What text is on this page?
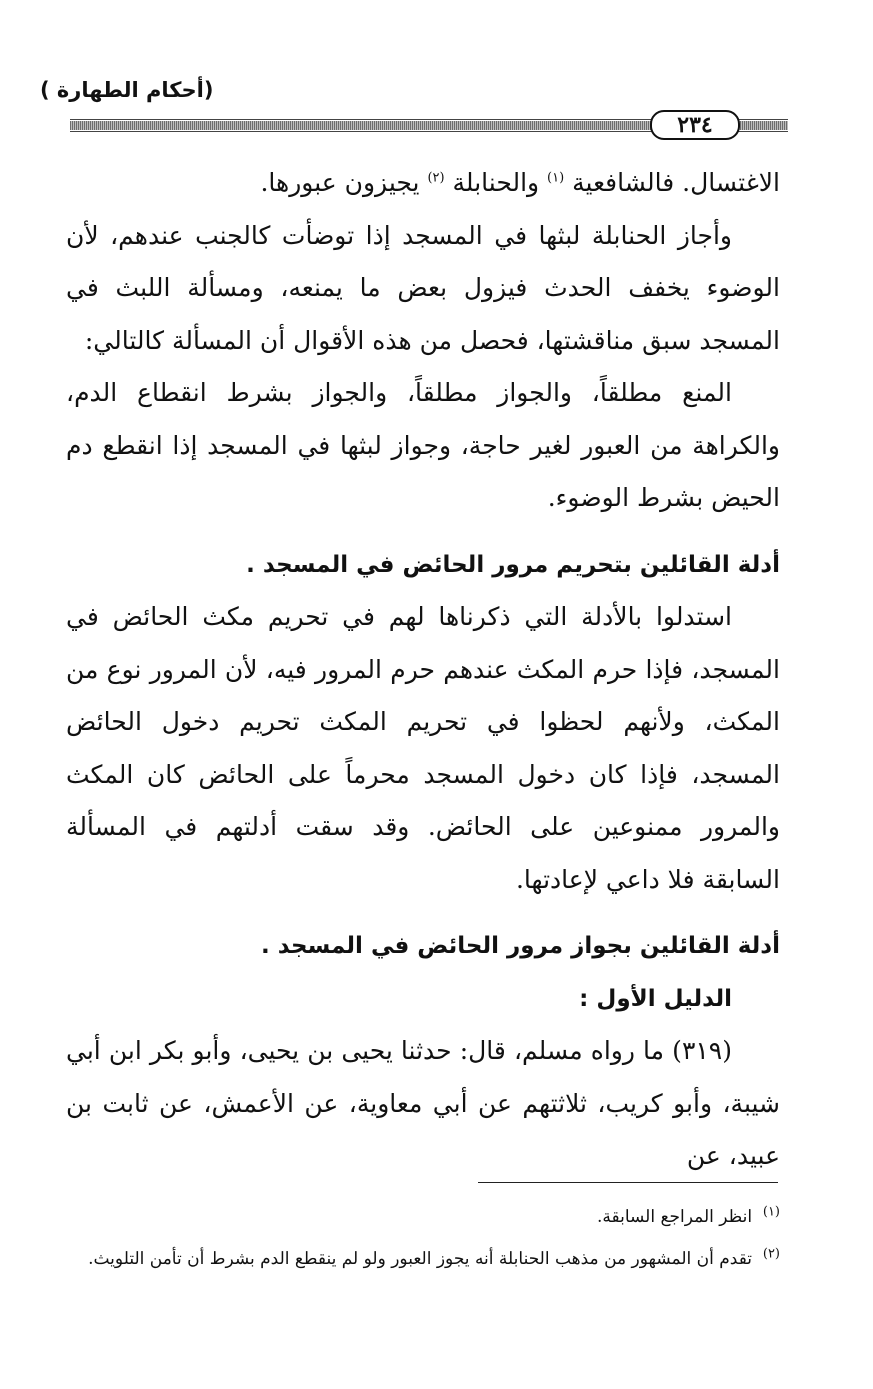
(أحكام الطهارة )
٢٣٤

الاغتسال. فالشافعية $^{(١)}$ والحنابلة $^{(٢)}$ يجيزون عبورها.

وأجاز الحنابلة لبثها في المسجد إذا توضأت كالجنب عندهم، لأن الوضوء يخفف الحدث فيزول بعض ما يمنعه، ومسألة اللبث في المسجد سبق مناقشتها، فحصل من هذه الأقوال أن المسألة كالتالي:

المنع مطلقاً، والجواز مطلقاً، والجواز بشرط انقطاع الدم، والكراهة من العبور لغير حاجة، وجواز لبثها في المسجد إذا انقطع دم الحيض بشرط الوضوء.

أدلة القائلين بتحريم مرور الحائض في المسجد .

استدلوا بالأدلة التي ذكرناها لهم في تحريم مكث الحائض في المسجد، فإذا حرم المكث عندهم حرم المرور فيه، لأن المرور نوع من المكث، ولأنهم لحظوا في تحريم المكث تحريم دخول الحائض المسجد، فإذا كان دخول المسجد محرماً على الحائض كان المكث والمرور ممنوعين على الحائض. وقد سقت أدلتهم في المسألة السابقة فلا داعي لإعادتها.

أدلة القائلين بجواز مرور الحائض في المسجد .

الدليل الأول :

(٣١٩) ما رواه مسلم، قال: حدثنا يحيى بن يحيى، وأبو بكر ابن أبي شيبة، وأبو كريب، ثلاثتهم عن أبي معاوية، عن الأعمش، عن ثابت بن عبيد، عن

$^{(١)}$  انظر المراجع السابقة.

$^{(٢)}$  تقدم أن المشهور من مذهب الحنابلة أنه يجوز العبور ولو لم ينقطع الدم بشرط أن تأمن التلويث.
